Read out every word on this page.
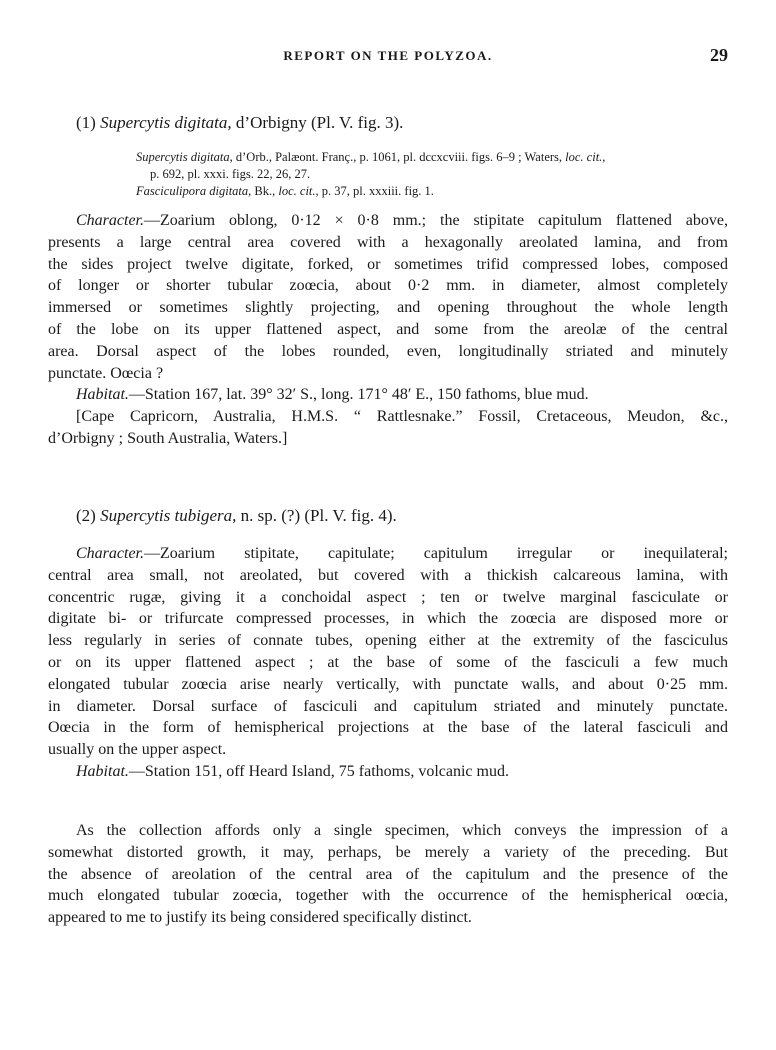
REPORT ON THE POLYZOA.	29
(1) Supercytis digitata, d’Orbigny (Pl. V. fig. 3).
Supercytis digitata, d’Orb., Palæont. Franç., p. 1061, pl. dccxcviii. figs. 6–9 ; Waters, loc. cit.,
p. 692, pl. xxxi. figs. 22, 26, 27.
Fasciculipora digitata, Bk., loc. cit., p. 37, pl. xxxiii. fig. 1.
Character.—Zoarium oblong, 0·12 × 0·8 mm.; the stipitate capitulum flattened above,
presents a large central area covered with a hexagonally areolated lamina, and from
the sides project twelve digitate, forked, or sometimes trifid compressed lobes, composed
of longer or shorter tubular zoœcia, about 0·2 mm. in diameter, almost completely
immersed or sometimes slightly projecting, and opening throughout the whole length
of the lobe on its upper flattened aspect, and some from the areolæ of the central
area. Dorsal aspect of the lobes rounded, even, longitudinally striated and minutely
punctate. Oœcia ?
Habitat.—Station 167, lat. 39° 32′ S., long. 171° 48′ E., 150 fathoms, blue mud.
[Cape Capricorn, Australia, H.M.S. “ Rattlesnake.” Fossil, Cretaceous, Meudon, &c.,
d’Orbigny ; South Australia, Waters.]
(2) Supercytis tubigera, n. sp. (?) (Pl. V. fig. 4).
Character.—Zoarium stipitate, capitulate; capitulum irregular or inequilateral;
central area small, not areolated, but covered with a thickish calcareous lamina, with
concentric rugæ, giving it a conchoidal aspect ; ten or twelve marginal fasciculate or
digitate bi- or trifurcate compressed processes, in which the zoœcia are disposed more or
less regularly in series of connate tubes, opening either at the extremity of the fasciculus
or on its upper flattened aspect ; at the base of some of the fasciculi a few much
elongated tubular zoœcia arise nearly vertically, with punctate walls, and about 0·25 mm.
in diameter. Dorsal surface of fasciculi and capitulum striated and minutely punctate.
Oœcia in the form of hemispherical projections at the base of the lateral fasciculi and
usually on the upper aspect.
Habitat.—Station 151, off Heard Island, 75 fathoms, volcanic mud.
As the collection affords only a single specimen, which conveys the impression of a
somewhat distorted growth, it may, perhaps, be merely a variety of the preceding. But
the absence of areolation of the central area of the capitulum and the presence of the
much elongated tubular zoœcia, together with the occurrence of the hemispherical oœcia,
appeared to me to justify its being considered specifically distinct.
